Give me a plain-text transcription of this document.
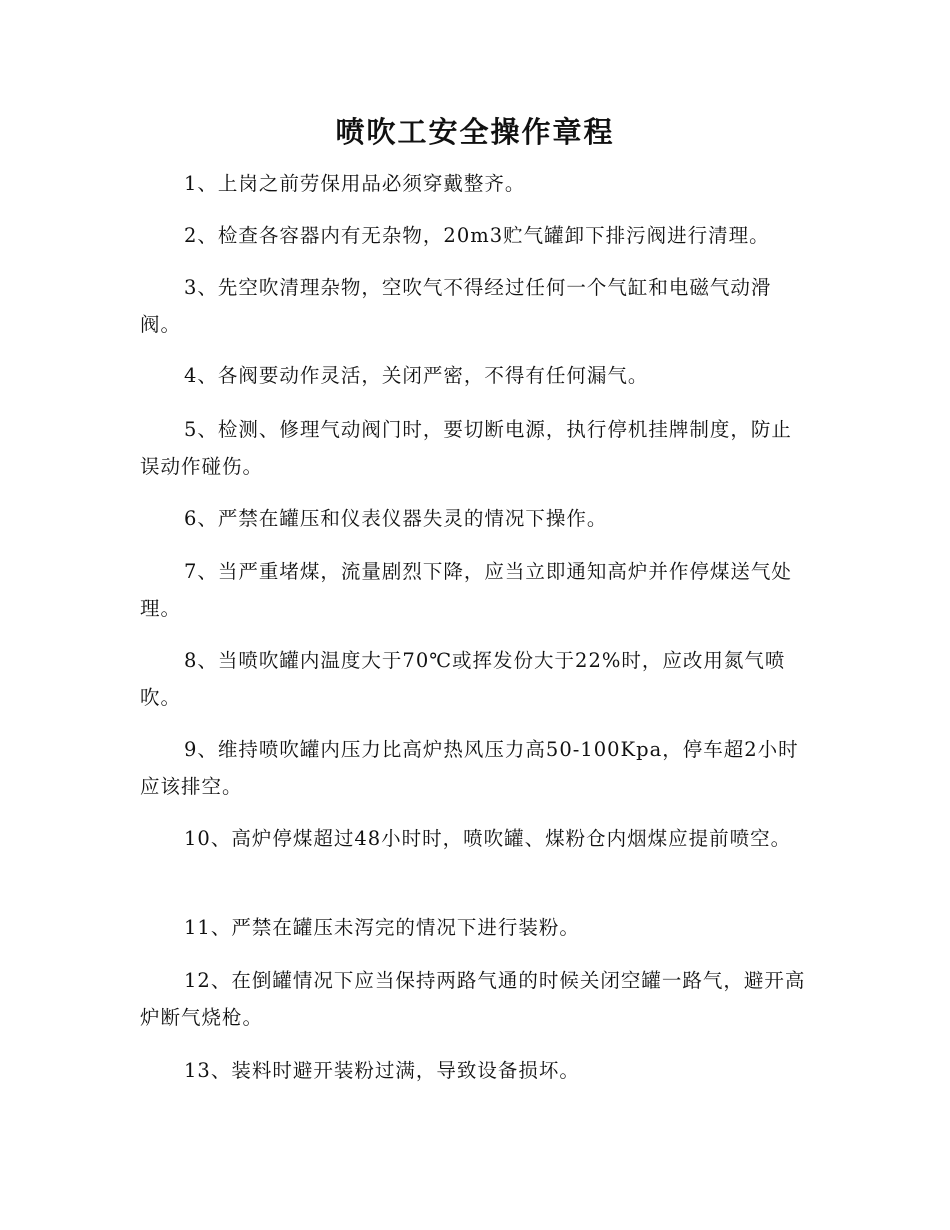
喷吹工安全操作章程

1、上岗之前劳保用品必须穿戴整齐。

2、检查各容器内有无杂物，20m3贮气罐卸下排污阀进行清理。

3、先空吹清理杂物，空吹气不得经过任何一个气缸和电磁气动滑阀。

4、各阀要动作灵活，关闭严密，不得有任何漏气。

5、检测、修理气动阀门时，要切断电源，执行停机挂牌制度，防止误动作碰伤。

6、严禁在罐压和仪表仪器失灵的情况下操作。

7、当严重堵煤，流量剧烈下降，应当立即通知高炉并作停煤送气处理。

8、当喷吹罐内温度大于70℃或挥发份大于22%时，应改用氮气喷吹。

9、维持喷吹罐内压力比高炉热风压力高50-100Kpa，停车超2小时应该排空。

10、高炉停煤超过48小时时，喷吹罐、煤粉仓内烟煤应提前喷空。

11、严禁在罐压未泻完的情况下进行装粉。

12、在倒罐情况下应当保持两路气通的时候关闭空罐一路气，避开高炉断气烧枪。

13、装料时避开装粉过满，导致设备损坏。
